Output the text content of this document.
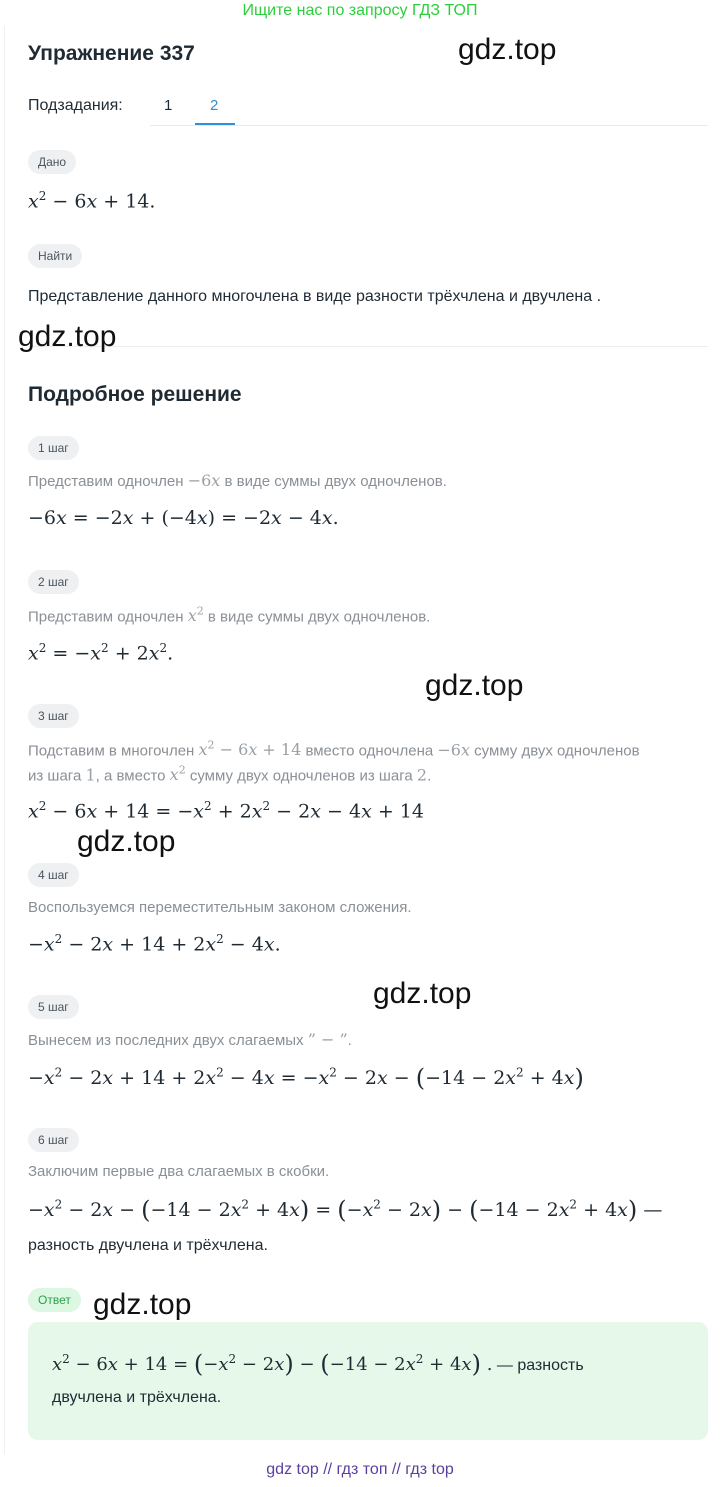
Ищите нас по запросу ГДЗ ТОП
Упражнение 337
Подзадания:	1	2
Дано
$x^2 - 6x + 14$.
Найти
Представление данного многочлена в виде разности трёхчлена и двучлена .
Подробное решение
1 шаг
Представим одночлен −6x в виде суммы двух одночленов.
−6x = −2x + (−4x) = −2x − 4x.
2 шаг
Представим одночлен $x^2$ в виде суммы двух одночленов.
$x^2 = -x^2 + 2x^2$.
3 шаг
Подставим в многочлен $x^2 - 6x + 14$ вместо одночлена −6x сумму двух одночленов
из шага 1, а вместо $x^2$ сумму двух одночленов из шага 2.
$x^2 - 6x + 14 = -x^2 + 2x^2 - 2x - 4x + 14$
4 шаг
Воспользуемся переместительным законом сложения.
$-x^2 - 2x + 14 + 2x^2 - 4x$.
5 шаг
Вынесем из последних двух слагаемых ” − ”.
$-x^2 - 2x + 14 + 2x^2 - 4x = -x^2 - 2x - (-14 - 2x^2 + 4x)$
6 шаг
Заключим первые два слагаемых в скобки.
$-x^2 - 2x - (-14 - 2x^2 + 4x) = (-x^2 - 2x) - (-14 - 2x^2 + 4x)$ —
разность двучлена и трёхчлена.
Ответ
$x^2 - 6x + 14 = (-x^2 - 2x) - (-14 - 2x^2 + 4x)$ . — разность
двучлена и трёхчлена.
gdz.top
gdz.top
gdz.top
gdz.top
gdz.top
gdz.top
gdz top // гдз топ // гдз top
